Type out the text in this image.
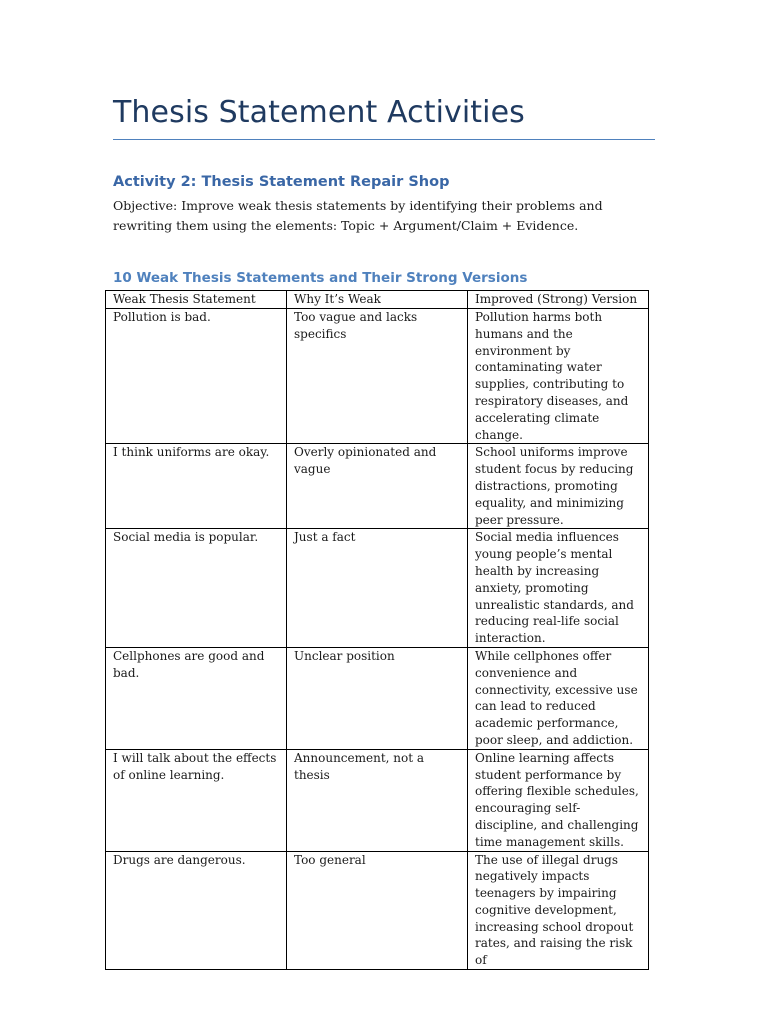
Thesis Statement Activities
Activity 2: Thesis Statement Repair Shop
Objective: Improve weak thesis statements by identifying their problems and rewriting them using the elements: Topic + Argument/Claim + Evidence.
10 Weak Thesis Statements and Their Strong Versions
Weak Thesis Statement	Why It’s Weak	Improved (Strong) Version
Pollution is bad.	Too vague and lacks specifics	Pollution harms both humans and the environment by contaminating water supplies, contributing to respiratory diseases, and accelerating climate change.
I think uniforms are okay.	Overly opinionated and vague	School uniforms improve student focus by reducing distractions, promoting equality, and minimizing peer pressure.
Social media is popular.	Just a fact	Social media influences young people’s mental health by increasing anxiety, promoting unrealistic standards, and reducing real-life social interaction.
Cellphones are good and bad.	Unclear position	While cellphones offer convenience and connectivity, excessive use can lead to reduced academic performance, poor sleep, and addiction.
I will talk about the effects of online learning.	Announcement, not a thesis	Online learning affects student performance by offering flexible schedules, encouraging self-discipline, and challenging time management skills.
Drugs are dangerous.	Too general	The use of illegal drugs negatively impacts teenagers by impairing cognitive development, increasing school dropout rates, and raising the risk of
